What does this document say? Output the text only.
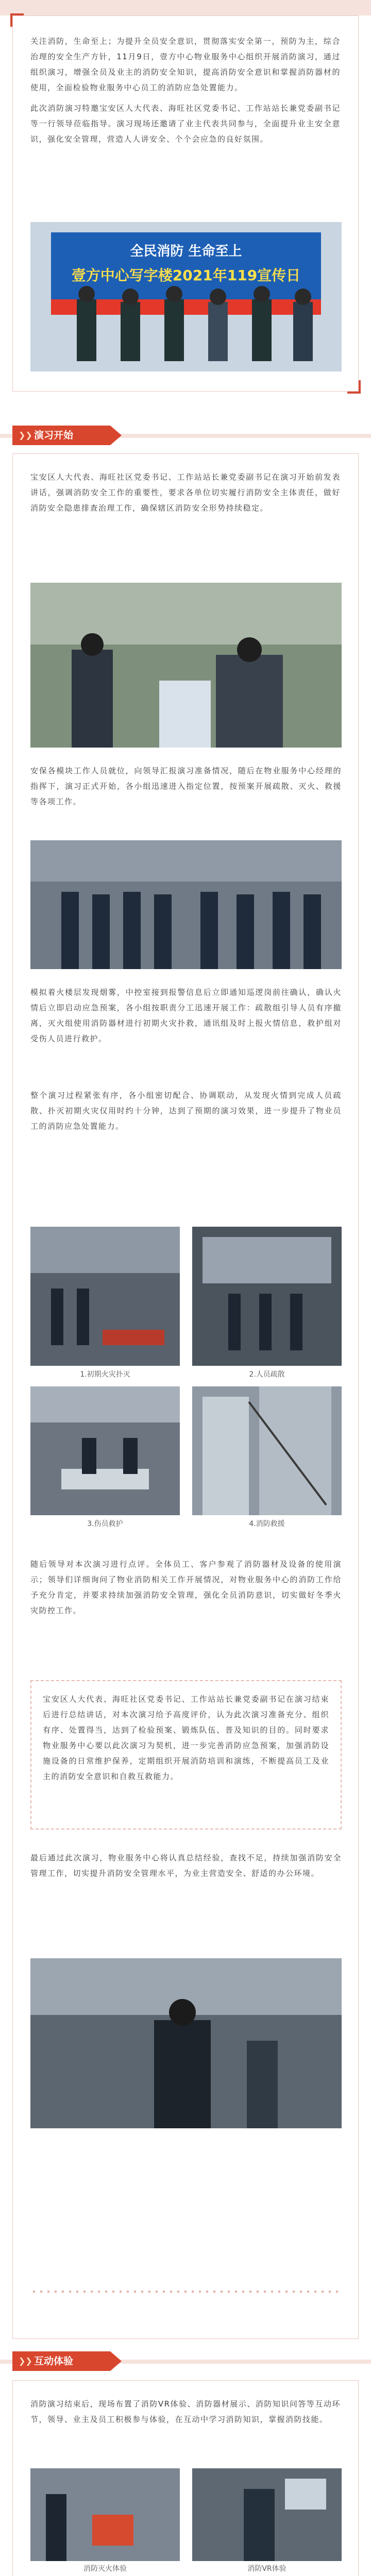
关注消防，生命至上；为提升全员安全意识，贯彻落实安全第一，预防为主，综合治理的安全生产方针，11月9日，壹方中心物业服务中心组织开展消防演习，通过组织演习，增强全员及业主的消防安全知识，提高消防安全意识和掌握消防器材的使用，全面检验物业服务中心员工的消防应急处置能力。

此次消防演习特邀宝安区人大代表、海旺社区党委书记、工作站站长兼党委副书记等一行领导莅临指导。演习现场还邀请了业主代表共同参与，全面提升业主安全意识，强化安全管理，营造人人讲安全、个个会应急的良好氛围。

全民消防 生命至上
壹方中心写字楼2021年119宣传日
❯❯ 演习开始

宝安区人大代表、海旺社区党委书记、工作站站长兼党委副书记在演习开始前发表讲话，强调消防安全工作的重要性，要求各单位切实履行消防安全主体责任，做好消防安全隐患排查治理工作，确保辖区消防安全形势持续稳定。

安保各模块工作人员就位，向领导汇报演习准备情况，随后在物业服务中心经理的指挥下，演习正式开始，各小组迅速进入指定位置，按预案开展疏散、灭火、救援等各项工作。

模拟着火楼层发现烟雾，中控室接到报警信息后立即通知巡逻岗前往确认，确认火情后立即启动应急预案，各小组按职责分工迅速开展工作：疏散组引导人员有序撤离，灭火组使用消防器材进行初期火灾扑救，通讯组及时上报火情信息，救护组对受伤人员进行救护。

整个演习过程紧张有序，各小组密切配合、协调联动，从发现火情到完成人员疏散、扑灭初期火灾仅用时约十分钟，达到了预期的演习效果，进一步提升了物业员工的消防应急处置能力。

1.初期火灾扑灭	2.人员疏散
3.伤员救护	4.消防救援

随后领导对本次演习进行点评。全体员工、客户参观了消防器材及设备的使用演示；领导们详细询问了物业消防相关工作开展情况，对物业服务中心的消防工作给予充分肯定，并要求持续加强消防安全管理，强化全员消防意识，切实做好冬季火灾防控工作。

宝安区人大代表、海旺社区党委书记、工作站站长兼党委副书记在演习结束后进行总结讲话，对本次演习给予高度评价，认为此次演习准备充分、组织有序、处置得当，达到了检验预案、锻炼队伍、普及知识的目的。同时要求物业服务中心要以此次演习为契机，进一步完善消防应急预案，加强消防设施设备的日常维护保养，定期组织开展消防培训和演练，不断提高员工及业主的消防安全意识和自救互救能力。

最后通过此次演习，物业服务中心将认真总结经验，查找不足，持续加强消防安全管理工作，切实提升消防安全管理水平，为业主营造安全、舒适的办公环境。

❯❯ 互动体验

消防演习结束后，现场布置了消防VR体验、消防器材展示、消防知识问答等互动环节，领导、业主及员工积极参与体验，在互动中学习消防知识，掌握消防技能。

消防灭火体验	消防VR体验
